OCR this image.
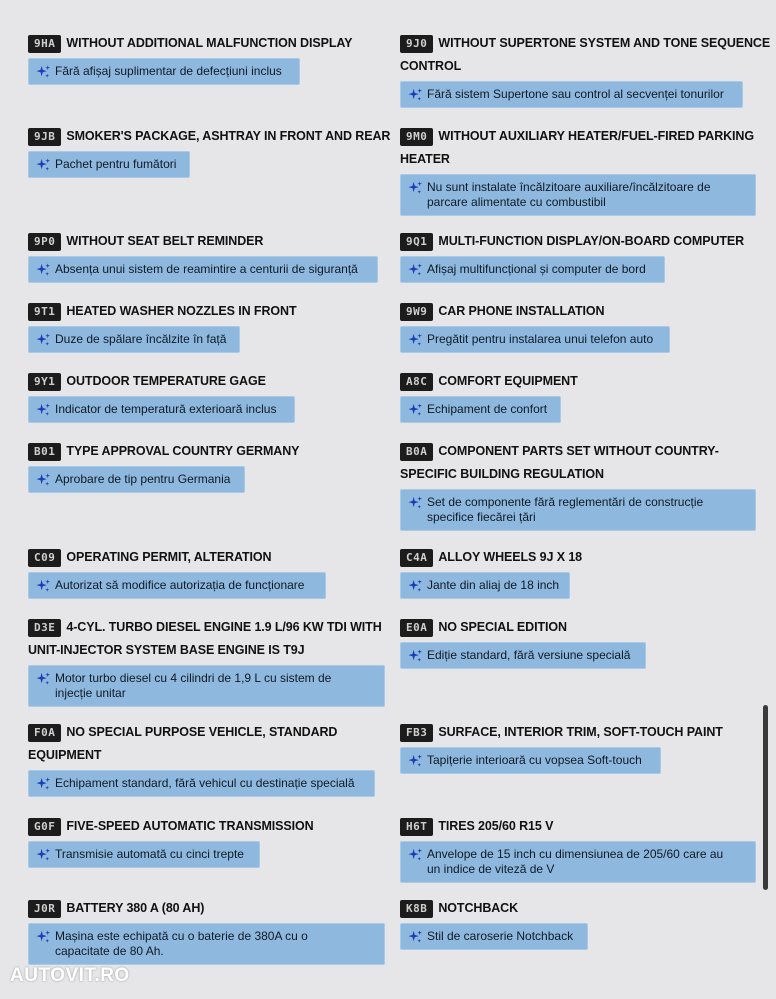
9HA WITHOUT ADDITIONAL MALFUNCTION DISPLAY
Fără afișaj suplimentar de defecțiuni inclus
9JB SMOKER'S PACKAGE, ASHTRAY IN FRONT AND REAR
Pachet pentru fumători
9P0 WITHOUT SEAT BELT REMINDER
Absența unui sistem de reamintire a centurii de siguranță
9T1 HEATED WASHER NOZZLES IN FRONT
Duze de spălare încălzite în față
9Y1 OUTDOOR TEMPERATURE GAGE
Indicator de temperatură exterioară inclus
B01 TYPE APPROVAL COUNTRY GERMANY
Aprobare de tip pentru Germania
C09 OPERATING PERMIT, ALTERATION
Autorizat să modifice autorizația de funcționare
D3E 4-CYL. TURBO DIESEL ENGINE 1.9 L/96 KW TDI WITH
UNIT-INJECTOR SYSTEM BASE ENGINE IS T9J
Motor turbo diesel cu 4 cilindri de 1,9 L cu sistem de
injecție unitar
F0A NO SPECIAL PURPOSE VEHICLE, STANDARD
EQUIPMENT
Echipament standard, fără vehicul cu destinație specială
G0F FIVE-SPEED AUTOMATIC TRANSMISSION
Transmisie automată cu cinci trepte
J0R BATTERY 380 A (80 AH)
Mașina este echipată cu o baterie de 380A cu o
capacitate de 80 Ah.
9J0 WITHOUT SUPERTONE SYSTEM AND TONE SEQUENCE
CONTROL
Fără sistem Supertone sau control al secvenței tonurilor
9M0 WITHOUT AUXILIARY HEATER/FUEL-FIRED PARKING
HEATER
Nu sunt instalate încălzitoare auxiliare/încălzitoare de
parcare alimentate cu combustibil
9Q1 MULTI-FUNCTION DISPLAY/ON-BOARD COMPUTER
Afișaj multifuncțional și computer de bord
9W9 CAR PHONE INSTALLATION
Pregătit pentru instalarea unui telefon auto
A8C COMFORT EQUIPMENT
Echipament de confort
B0A COMPONENT PARTS SET WITHOUT COUNTRY-
SPECIFIC BUILDING REGULATION
Set de componente fără reglementări de construcție
specifice fiecărei țări
C4A ALLOY WHEELS 9J X 18
Jante din aliaj de 18 inch
E0A NO SPECIAL EDITION
Ediție standard, fără versiune specială
FB3 SURFACE, INTERIOR TRIM, SOFT-TOUCH PAINT
Tapițerie interioară cu vopsea Soft-touch
H6T TIRES 205/60 R15 V
Anvelope de 15 inch cu dimensiunea de 205/60 care au
un indice de viteză de V
K8B NOTCHBACK
Stil de caroserie Notchback
AUTOVIT.RO
